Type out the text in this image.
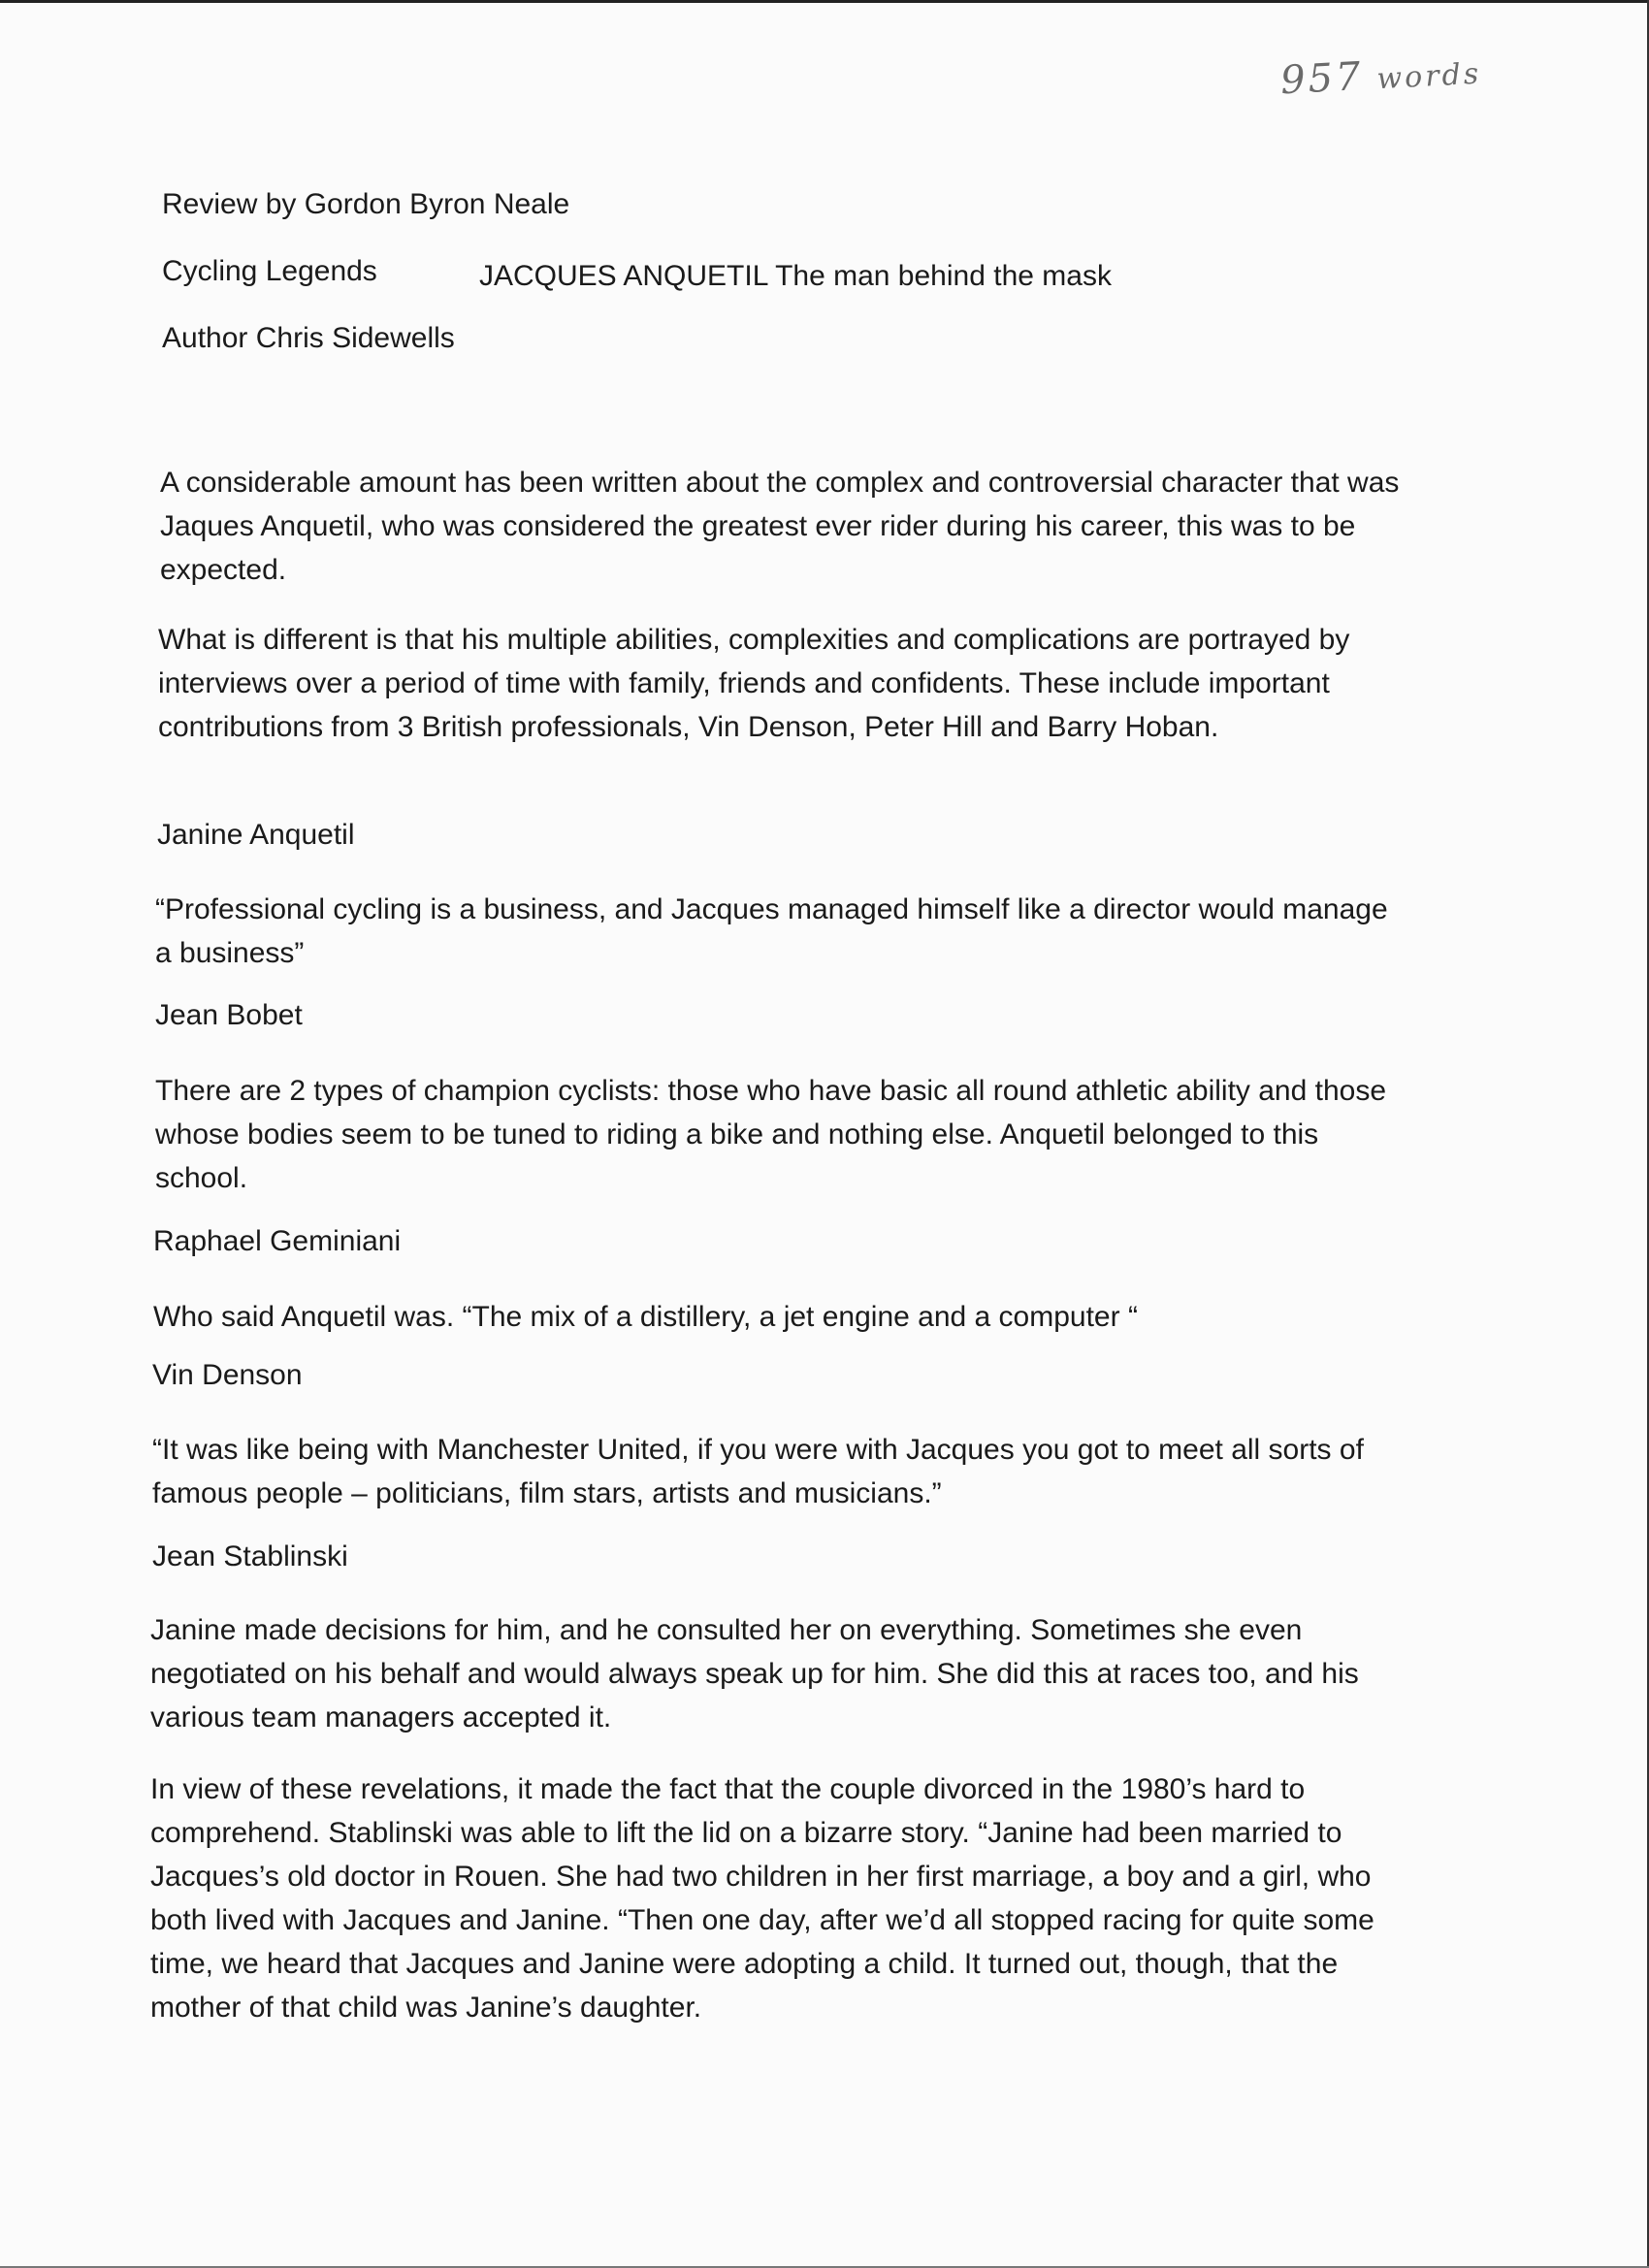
957 words
Review by Gordon Byron Neale
Cycling Legends	JACQUES ANQUETIL The man behind the mask
Author Chris Sidewells
A considerable amount has been written about the complex and controversial character that was Jaques Anquetil, who was considered the greatest ever rider during his career, this was to be expected.
What is different is that his multiple abilities, complexities and complications are portrayed by interviews over a period of time with family, friends and confidents. These include important contributions from 3 British professionals, Vin Denson, Peter Hill and Barry Hoban.
Janine Anquetil
“Professional cycling is a business, and Jacques managed himself like a director would manage a business”
Jean Bobet
There are 2 types of champion cyclists: those who have basic all round athletic ability and those whose bodies seem to be tuned to riding a bike and nothing else. Anquetil belonged to this school.
Raphael Geminiani
Who said Anquetil was. “The mix of a distillery, a jet engine and a computer “
Vin Denson
“It was like being with Manchester United, if you were with Jacques you got to meet all sorts of famous people – politicians, film stars, artists and musicians.”
Jean Stablinski
Janine made decisions for him, and he consulted her on everything. Sometimes she even negotiated on his behalf and would always speak up for him. She did this at races too, and his various team managers accepted it.
In view of these revelations, it made the fact that the couple divorced in the 1980’s hard to comprehend. Stablinski was able to lift the lid on a bizarre story. “Janine had been married to Jacques’s old doctor in Rouen. She had two children in her first marriage, a boy and a girl, who both lived with Jacques and Janine. “Then one day, after we’d all stopped racing for quite some time, we heard that Jacques and Janine were adopting a child. It turned out, though, that the mother of that child was Janine’s daughter.
